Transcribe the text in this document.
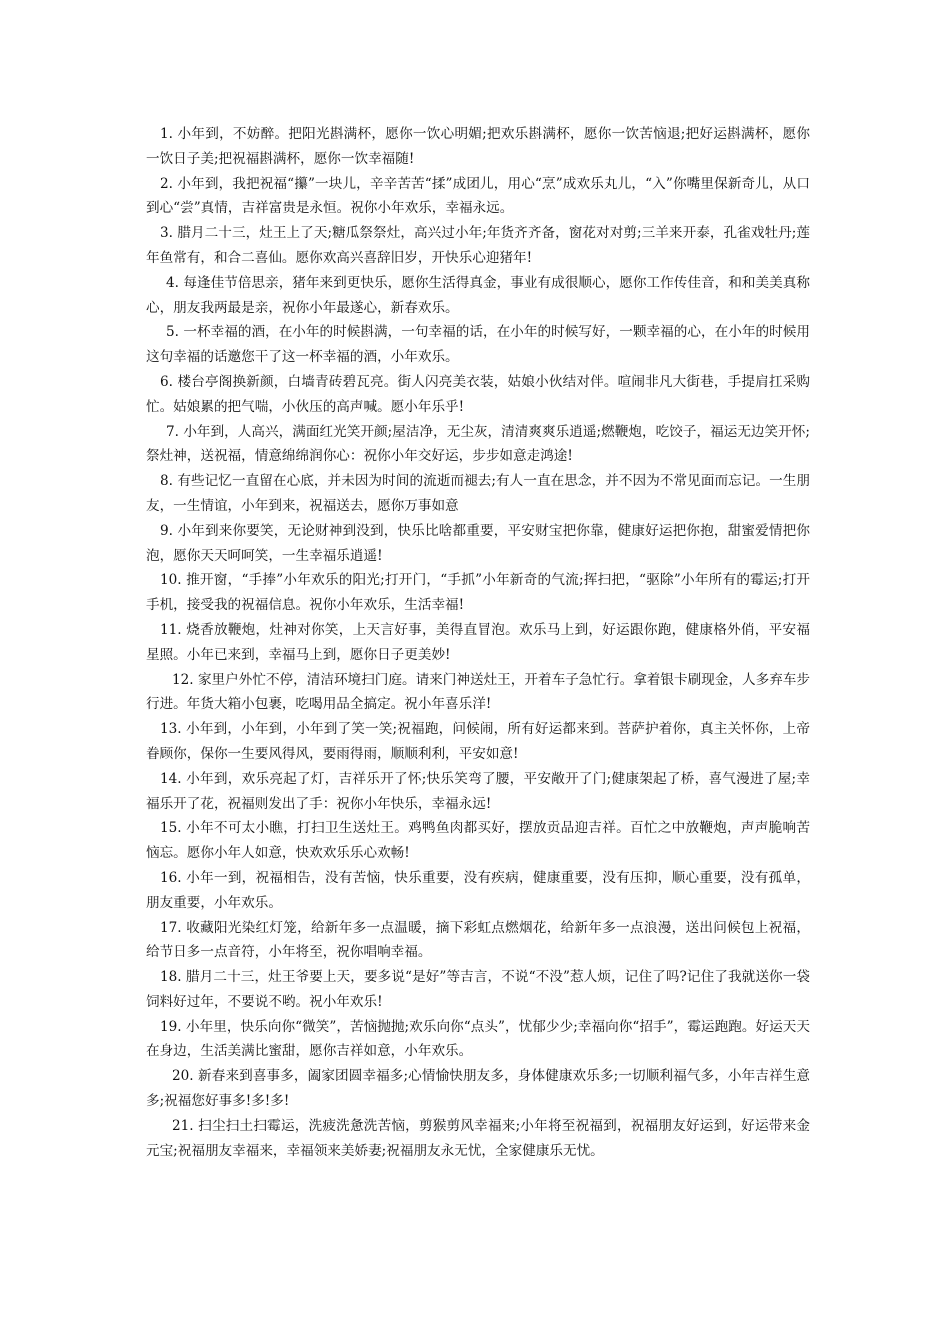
1. 小年到，不妨醉。把阳光斟满杯，愿你一饮心明媚;把欢乐斟满杯，愿你一饮苦恼退;把好运斟满杯，愿你一饮日子美;把祝福斟满杯，愿你一饮幸福随!

2. 小年到，我把祝福“攥”一块儿，辛辛苦苦“揉”成团儿，用心“烹”成欢乐丸儿，“入”你嘴里保新奇儿，从口到心“尝”真情，吉祥富贵是永恒。祝你小年欢乐，幸福永远。

3. 腊月二十三，灶王上了天;糖瓜祭祭灶，高兴过小年;年货齐齐备，窗花对对剪;三羊来开泰，孔雀戏牡丹;莲年鱼常有，和合二喜仙。愿你欢高兴喜辞旧岁，开快乐心迎猪年!

4. 每逢佳节倍思亲，猪年来到更快乐，愿你生活得真金，事业有成很顺心，愿你工作传佳音，和和美美真称心，朋友我两最是亲，祝你小年最遂心，新春欢乐。

5. 一杯幸福的酒，在小年的时候斟满，一句幸福的话，在小年的时候写好，一颗幸福的心，在小年的时候用这句幸福的话邀您干了这一杯幸福的酒，小年欢乐。

6. 楼台亭阁换新颜，白墙青砖碧瓦亮。街人闪亮美衣装，姑娘小伙结对伴。喧闹非凡大街巷，手提肩扛采购忙。姑娘累的把气喘，小伙压的高声喊。愿小年乐乎!

7. 小年到，人高兴，满面红光笑开颜;屋洁净，无尘灰，清清爽爽乐逍遥;燃鞭炮，吃饺子，福运无边笑开怀;祭灶神，送祝福，情意绵绵润你心：祝你小年交好运，步步如意走鸿途!

8. 有些记忆一直留在心底，并未因为时间的流逝而褪去;有人一直在思念，并不因为不常见面而忘记。一生朋友，一生情谊，小年到来，祝福送去，愿你万事如意

9. 小年到来你要笑，无论财神到没到，快乐比啥都重要，平安财宝把你靠，健康好运把你抱，甜蜜爱情把你泡，愿你天天呵呵笑，一生幸福乐逍遥!

10. 推开窗，“手捧”小年欢乐的阳光;打开门，“手抓”小年新奇的气流;挥扫把，“驱除”小年所有的霉运;打开手机，接受我的祝福信息。祝你小年欢乐，生活幸福!

11. 烧香放鞭炮，灶神对你笑，上天言好事，美得直冒泡。欢乐马上到，好运跟你跑，健康格外俏，平安福星照。小年已来到，幸福马上到，愿你日子更美妙!

12. 家里户外忙不停，清洁环境扫门庭。请来门神送灶王，开着车子急忙行。拿着银卡刷现金，人多弃车步行进。年货大箱小包裹，吃喝用品全搞定。祝小年喜乐洋!

13. 小年到，小年到，小年到了笑一笑;祝福跑，问候闹，所有好运都来到。菩萨护着你，真主关怀你，上帝眷顾你，保你一生要风得风，要雨得雨，顺顺利利，平安如意!

14. 小年到，欢乐亮起了灯，吉祥乐开了怀;快乐笑弯了腰，平安敞开了门;健康架起了桥，喜气漫进了屋;幸福乐开了花，祝福则发出了手：祝你小年快乐，幸福永远!

15. 小年不可太小瞧，打扫卫生送灶王。鸡鸭鱼肉都买好，摆放贡品迎吉祥。百忙之中放鞭炮，声声脆响苦恼忘。愿你小年人如意，快欢欢乐乐心欢畅!

16. 小年一到，祝福相告，没有苦恼，快乐重要，没有疾病，健康重要，没有压抑，顺心重要，没有孤单，朋友重要，小年欢乐。

17. 收藏阳光染红灯笼，给新年多一点温暖，摘下彩虹点燃烟花，给新年多一点浪漫，送出问候包上祝福，给节日多一点音符，小年将至，祝你唱响幸福。

18. 腊月二十三，灶王爷要上天，要多说“是好”等吉言，不说“不没”惹人烦，记住了吗?记住了我就送你一袋饲料好过年，不要说不哟。祝小年欢乐!

19. 小年里，快乐向你“微笑”，苦恼抛抛;欢乐向你“点头”，忧郁少少;幸福向你“招手”，霉运跑跑。好运天天在身边，生活美满比蜜甜，愿你吉祥如意，小年欢乐。

20. 新春来到喜事多，阖家团圆幸福多;心情愉快朋友多，身体健康欢乐多;一切顺利福气多，小年吉祥生意多;祝福您好事多!多!多!

21. 扫尘扫土扫霉运，洗疲洗惫洗苦恼，剪猴剪风幸福来;小年将至祝福到，祝福朋友好运到，好运带来金元宝;祝福朋友幸福来，幸福领来美娇妻;祝福朋友永无忧，全家健康乐无忧。
